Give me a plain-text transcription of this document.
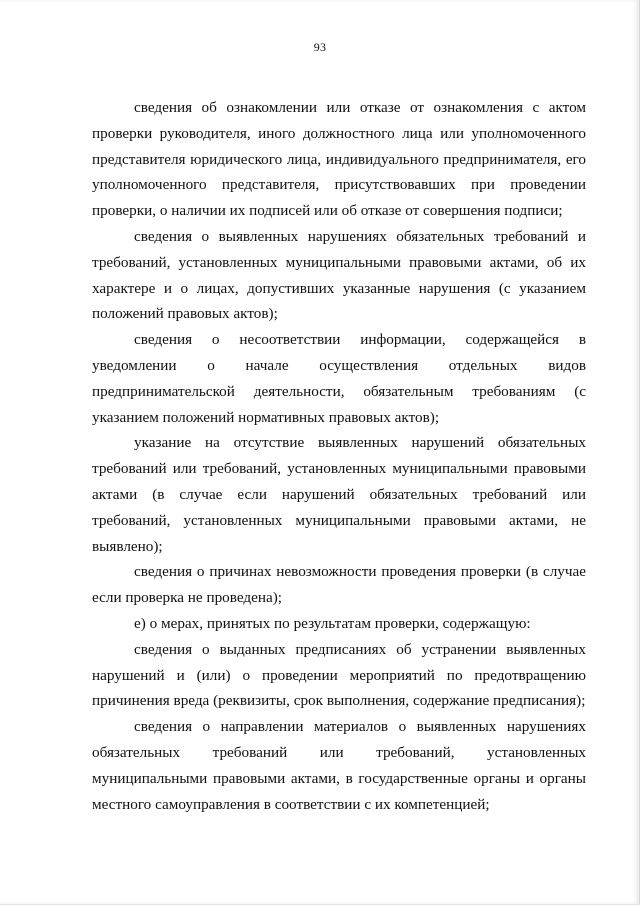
93

сведения об ознакомлении или отказе от ознакомления с актом проверки руководителя, иного должностного лица или уполномоченного представителя юридического лица, индивидуального предпринимателя, его уполномоченного представителя, присутствовавших при проведении проверки, о наличии их подписей или об отказе от совершения подписи;

сведения о выявленных нарушениях обязательных требований и требований, установленных муниципальными правовыми актами, об их характере и о лицах, допустивших указанные нарушения (с указанием положений правовых актов);

сведения о несоответствии информации, содержащейся в уведомлении о начале осуществления отдельных видов предпринимательской деятельности, обязательным требованиям (с указанием положений нормативных правовых актов);

указание на отсутствие выявленных нарушений обязательных требований или требований, установленных муниципальными правовыми актами (в случае если нарушений обязательных требований или требований, установленных муниципальными правовыми актами, не выявлено);

сведения о причинах невозможности проведения проверки (в случае если проверка не проведена);

е) о мерах, принятых по результатам проверки, содержащую:

сведения о выданных предписаниях об устранении выявленных нарушений и (или) о проведении мероприятий по предотвращению причинения вреда (реквизиты, срок выполнения, содержание предписания);

сведения о направлении материалов о выявленных нарушениях обязательных требований или требований, установленных муниципальными правовыми актами, в государственные органы и органы местного самоуправления в соответствии с их компетенцией;
